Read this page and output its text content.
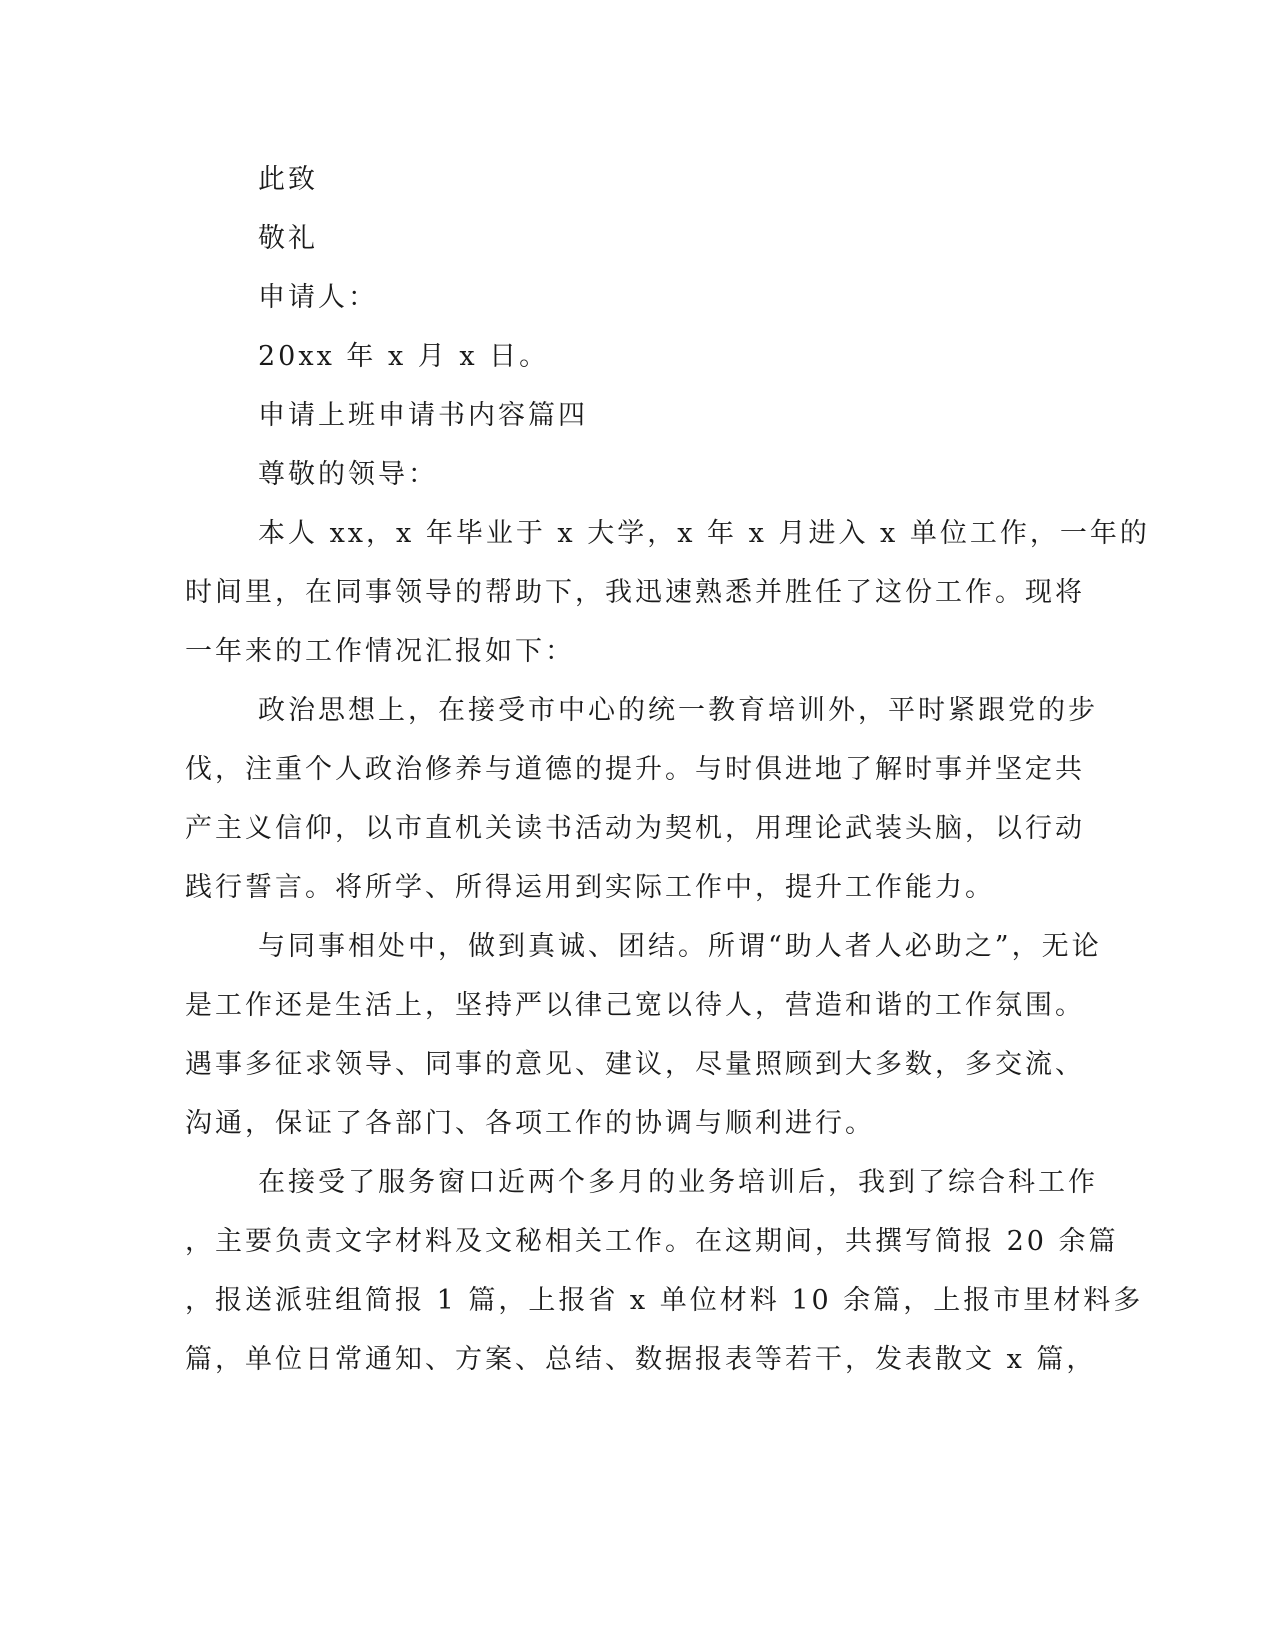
此致
敬礼
申请人：
20xx 年 x 月 x 日。
申请上班申请书内容篇四
尊敬的领导：
本人 xx，x 年毕业于 x 大学，x 年 x 月进入 x 单位工作，一年的
时间里，在同事领导的帮助下，我迅速熟悉并胜任了这份工作。现将
一年来的工作情况汇报如下：
政治思想上，在接受市中心的统一教育培训外，平时紧跟党的步
伐，注重个人政治修养与道德的提升。与时俱进地了解时事并坚定共
产主义信仰，以市直机关读书活动为契机，用理论武装头脑，以行动
践行誓言。将所学、所得运用到实际工作中，提升工作能力。
与同事相处中，做到真诚、团结。所谓“助人者人必助之”，无论
是工作还是生活上，坚持严以律己宽以待人，营造和谐的工作氛围。
遇事多征求领导、同事的意见、建议，尽量照顾到大多数，多交流、
沟通，保证了各部门、各项工作的协调与顺利进行。
在接受了服务窗口近两个多月的业务培训后，我到了综合科工作
，主要负责文字材料及文秘相关工作。在这期间，共撰写简报 20 余篇
，报送派驻组简报 1 篇，上报省 x 单位材料 10 余篇，上报市里材料多
篇，单位日常通知、方案、总结、数据报表等若干，发表散文 x 篇，
